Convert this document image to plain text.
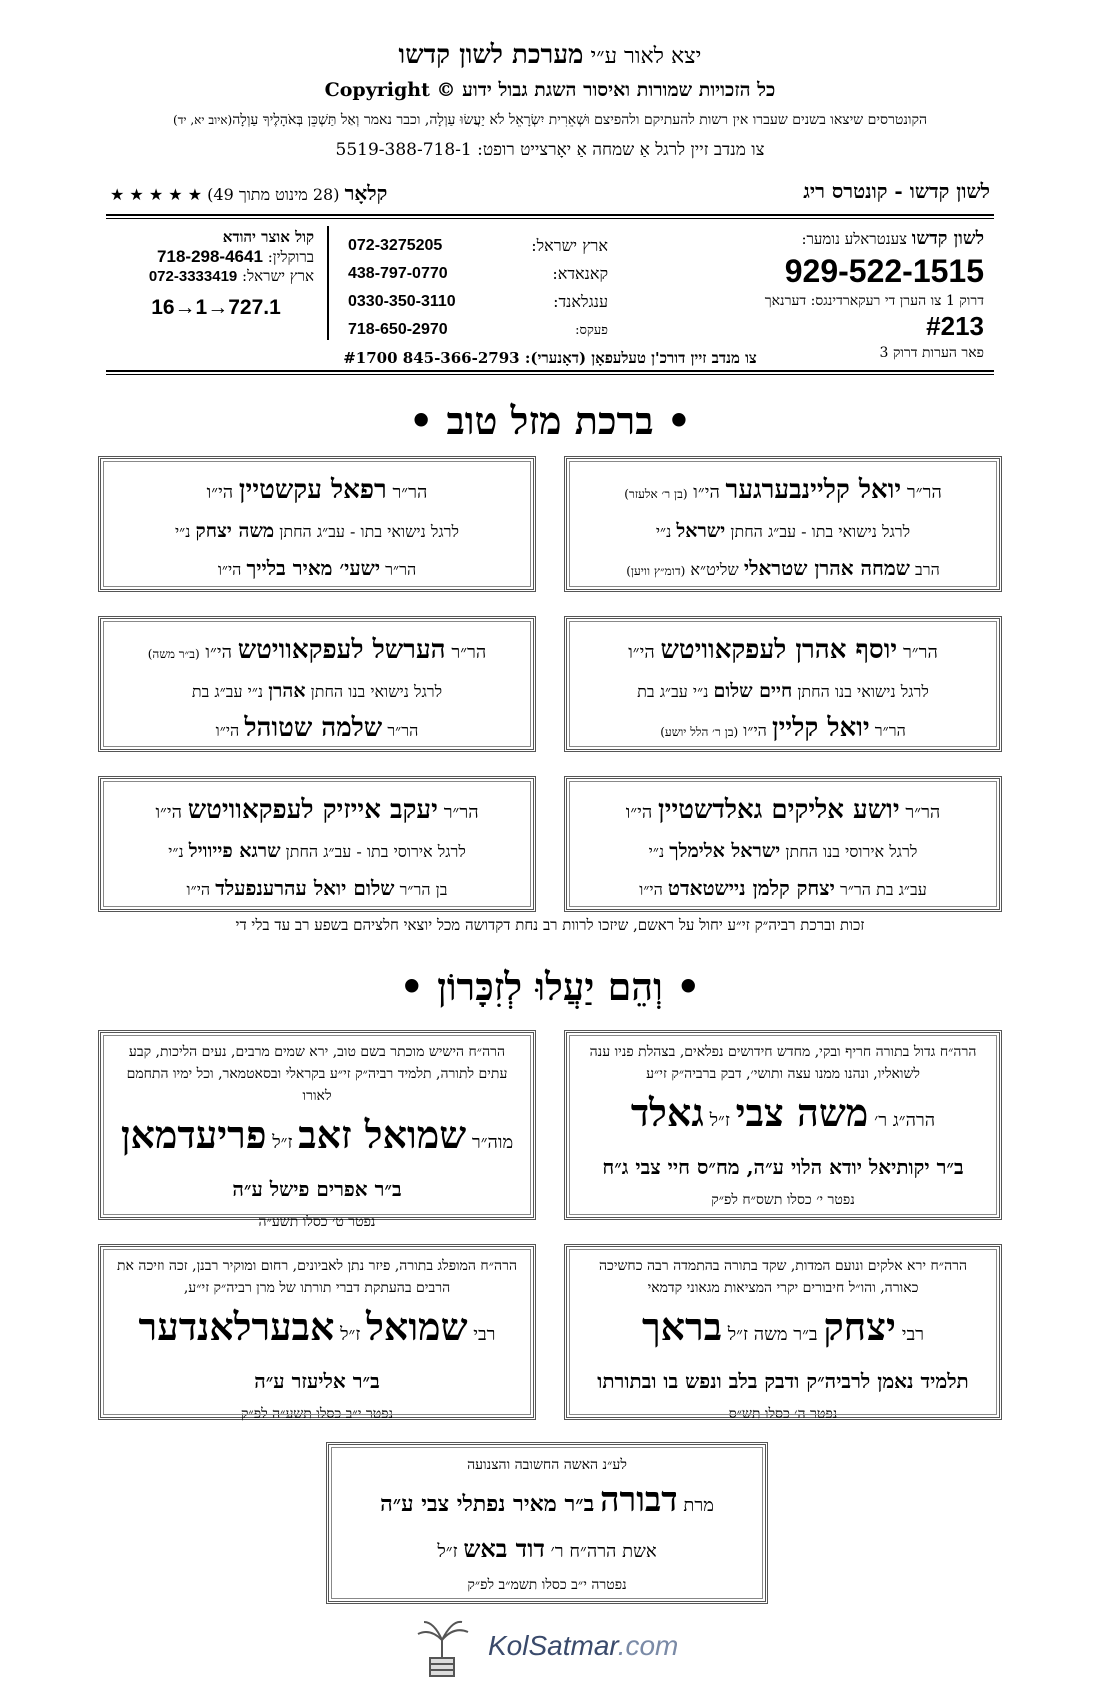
יצא לאור ע״י מערכת לשון קדשו
Copyright © כל הזכויות שמורות ואיסור השגת גבול ידוע
הקונטרסים שיצאו בשנים שעברו אין רשות להעתיקם ולהפיצם וּשְׁאֵרִית יִשְׂרָאֵל לֹא יַעֲשׂוּ עַוְלָה, וכבר נאמר וְאַל תַּשְׁכֵּן בְּאֹהָלֶיךָ עַוְלָה(איוב יא, יד)
צו מנדב זיין לרגל אַ שמחה אַ יאָרצייט רופט: 5519-388-718-1
לשון קדשו - קונטרס ריג
קלאָר (28 מינוט מתוך 49) ★ ★ ★ ★ ★
לשון קדשו צענטראלע נומער:
929-522-1515
דרוק 1 צו הערן די רעקארדינגס: דערנאך #213
פאר הערות דרוק 3
ארץ ישראל:
072-3275205
קאנאדא:
438-797-0770
ענגלאנד:
0330-350-3110
פעקס:
718-650-2970
קול אוצר יהודא
ברוקלין: 718-298-4641
ארץ ישראל: 072-3333419
16→1→727.1
צו מנדב זיין דורכ'ן טעלעפאָן (דאָנערי): 845-366-2793 #1700
• ברכת מזל טוב •
הר״ר יואל קליינבערגער הי״ו (בן ר׳ אלעזר)
לרגל נישואי בתו - עב״ג החתן ישראל נ״י
הרב שמחה אהרן שטראלי שליט״א (דומ״ץ וויען)
הר״ר רפאל עקשטיין הי״ו
לרגל נישואי בתו - עב״ג החתן משה יצחק נ״י
הר״ר ישעי׳ מאיר בלייך הי״ו
הר״ר יוסף אהרן לעפקאוויטש הי״ו
לרגל נישואי בנו החתן חיים שלום נ״י עב״ג בת
הר״ר יואל קליין הי״ו (בן ר׳ הלל יושע)
הר״ר הערשל לעפקאוויטש הי״ו (ב״ר משה)
לרגל נישואי בנו החתן אהרן נ״י עב״ג בת
הר״ר שלמה שטוהל הי״ו
הר״ר יושע אליקים גאלדשטיין הי״ו
לרגל אירוסי בנו החתן ישראל אלימלך נ״י
עב״ג בת הר״ר יצחק קלמן ניישטאדט הי״ו
הר״ר יעקב אייזיק לעפקאוויטש הי״ו
לרגל אירוסי בתו - עב״ג החתן שרגא פייוויל נ״י
בן הר״ר שלום יואל עהרענפעלד הי״ו
זכות וברכת רביה״ק זי״ע יחול על ראשם, שיזכו לרוות רב נחת דקדושה מכל יוצאי חלציהם בשפע רב עד בלי די
• וְהֵם יַעֲלוּ לְזִכָּרוֹן •
הרה״ח גדול בתורה חריף ובקי, מחדש חידושים נפלאים, בצהלת פניו ענה לשואליו, ונהנו ממנו עצה ותושי׳, דבק ברביה״ק זי״ע
הרה״ג ר׳ משה צבי ז״ל גאלד
ב״ר יקותיאל יודא הלוי ע״ה, מח״ס חיי צבי ג״ח
נפטר י׳ כסלו תשס״ח לפ״ק
הרה״ח הישיש מוכתר בשם טוב, ירא שמים מרבים, נעים הליכות, קבע עתים לתורה, תלמיד רביה״ק זי״ע בקראלי ובסאטמאר, וכל ימיו התחמם לאורו
מוה״ר שמואל זאב ז״ל פריעדמאן
ב״ר אפרים פישל ע״ה
נפטר ט׳ כסלו תשע״ה
הרה״ח ירא אלקים ונועם המדות, שקד בתורה בהתמדה רבה כחשיכה כאורה, והו״ל חיבורים יקרי המציאות מגאוני קדמאי
רבי יצחק ב״ר משה ז״ל בראך
תלמיד נאמן לרביה״ק ודבק בלב ונפש בו ובתורתו
נפטר ה׳ כסלו תש״ס
הרה״ח המופלג בתורה, פיזר נתן לאביונים, רחום ומוקיר רבנן, זכה וזיכה את הרבים בהעתקת דברי תורתו של מרן רביה״ק זי״ע,
רבי שמואל ז״ל אבערלאנדער
ב״ר אליעזר ע״ה
נפטר י״ב כסלו תשע״ה לפ״ק
לע״נ האשה החשובה והצנועה
מרת דבורה ב״ר מאיר נפתלי צבי ע״ה
אשת הרה״ח ר׳ דוד באש ז״ל
נפטרה י״ב כסלו תשמ״ב לפ״ק
KolSatmar.com
